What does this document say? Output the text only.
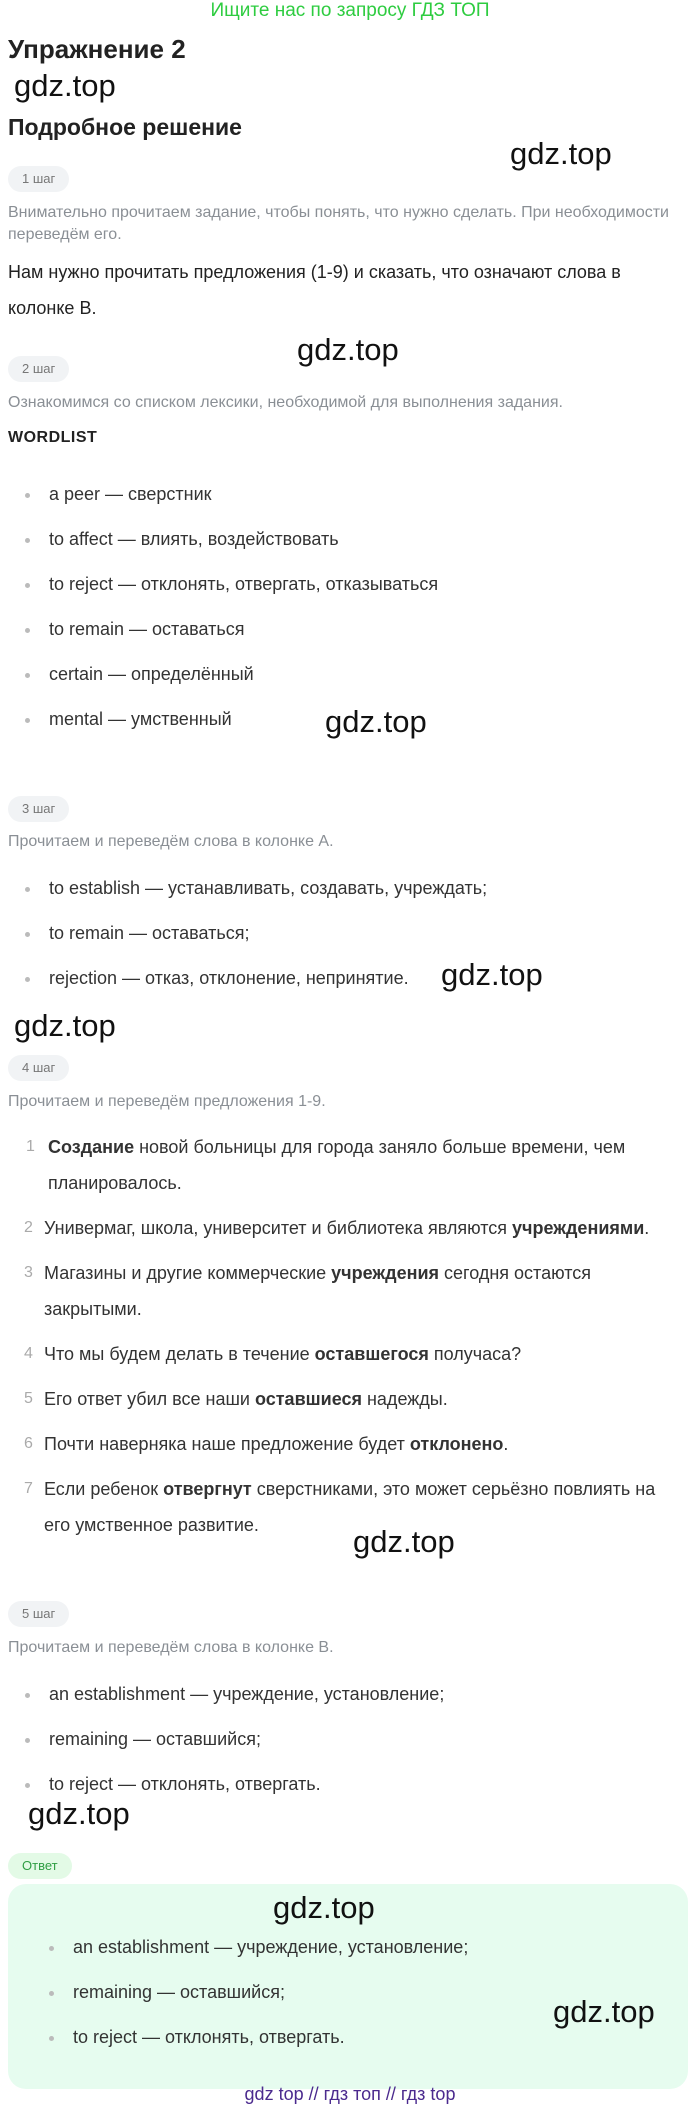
Ищите нас по запросу ГДЗ ТОП
Упражнение 2
gdz.top
Подробное решение
gdz.top
1 шаг
Внимательно прочитаем задание, чтобы понять, что нужно сделать. При необходимости переведём его.
Нам нужно прочитать предложения (1-9) и сказать, что означают слова в колонке B.
gdz.top
2 шаг
Ознакомимся со списком лексики, необходимой для выполнения задания.
WORDLIST
a peer — сверстник
to affect — влиять, воздействовать
to reject — отклонять, отвергать, отказываться
to remain — оставаться
certain — определённый
mental — умственный	gdz.top
3 шаг
Прочитаем и переведём слова в колонке A.
to establish — устанавливать, создавать, учреждать;
to remain — оставаться;
rejection — отказ, отклонение, непринятие. gdz.top
gdz.top
4 шаг
Прочитаем и переведём предложения 1-9.
1 Создание новой больницы для города заняло больше времени, чем планировалось.
2 Универмаг, школа, университет и библиотека являются учреждениями.
3 Магазины и другие коммерческие учреждения сегодня остаются закрытыми.
4 Что мы будем делать в течение оставшегося получаса?
5 Его ответ убил все наши оставшиеся надежды.
6 Почти наверняка наше предложение будет отклонено.
7 Если ребенок отвергнут сверстниками, это может серьёзно повлиять на его умственное развитие.	gdz.top
5 шаг
Прочитаем и переведём слова в колонке B.
an establishment — учреждение, установление;
remaining — оставшийся;
to reject — отклонять, отвергать.
gdz.top
Ответ
gdz.top
an establishment — учреждение, установление;
remaining — оставшийся;
to reject — отклонять, отвергать.
gdz.top
gdz top // гдз топ // гдз top
